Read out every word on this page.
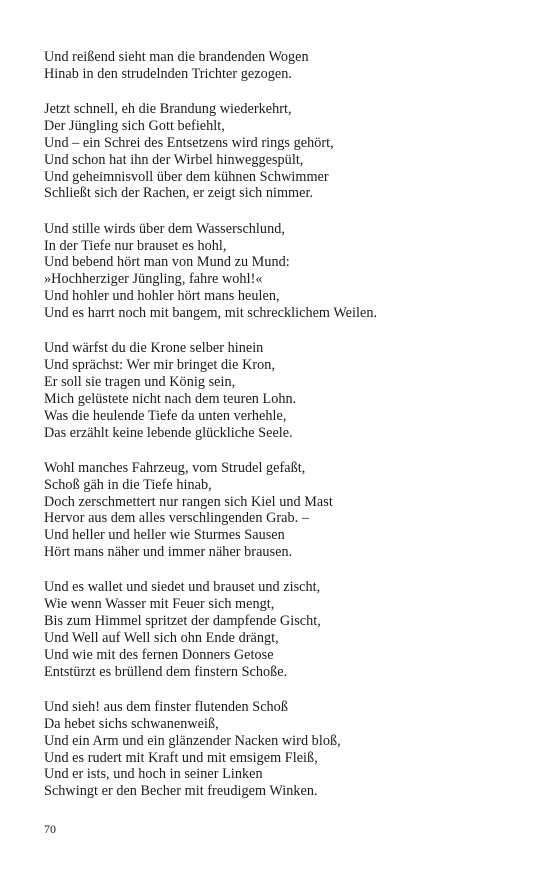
Und reißend sieht man die brandenden Wogen
Hinab in den strudelnden Trichter gezogen.
Jetzt schnell, eh die Brandung wiederkehrt,
Der Jüngling sich Gott befiehlt,
Und – ein Schrei des Entsetzens wird rings gehört,
Und schon hat ihn der Wirbel hinweggespült,
Und geheimnisvoll über dem kühnen Schwimmer
Schließt sich der Rachen, er zeigt sich nimmer.
Und stille wirds über dem Wasserschlund,
In der Tiefe nur brauset es hohl,
Und bebend hört man von Mund zu Mund:
»Hochherziger Jüngling, fahre wohl!«
Und hohler und hohler hört mans heulen,
Und es harrt noch mit bangem, mit schrecklichem Weilen.
Und wärfst du die Krone selber hinein
Und sprächst: Wer mir bringet die Kron,
Er soll sie tragen und König sein,
Mich gelüstete nicht nach dem teuren Lohn.
Was die heulende Tiefe da unten verhehle,
Das erzählt keine lebende glückliche Seele.
Wohl manches Fahrzeug, vom Strudel gefaßt,
Schoß gäh in die Tiefe hinab,
Doch zerschmettert nur rangen sich Kiel und Mast
Hervor aus dem alles verschlingenden Grab. –
Und heller und heller wie Sturmes Sausen
Hört mans näher und immer näher brausen.
Und es wallet und siedet und brauset und zischt,
Wie wenn Wasser mit Feuer sich mengt,
Bis zum Himmel spritzet der dampfende Gischt,
Und Well auf Well sich ohn Ende drängt,
Und wie mit des fernen Donners Getose
Entstürzt es brüllend dem finstern Schoße.
Und sieh! aus dem finster flutenden Schoß
Da hebet sichs schwanenweiß,
Und ein Arm und ein glänzender Nacken wird bloß,
Und es rudert mit Kraft und mit emsigem Fleiß,
Und er ists, und hoch in seiner Linken
Schwingt er den Becher mit freudigem Winken.
70
